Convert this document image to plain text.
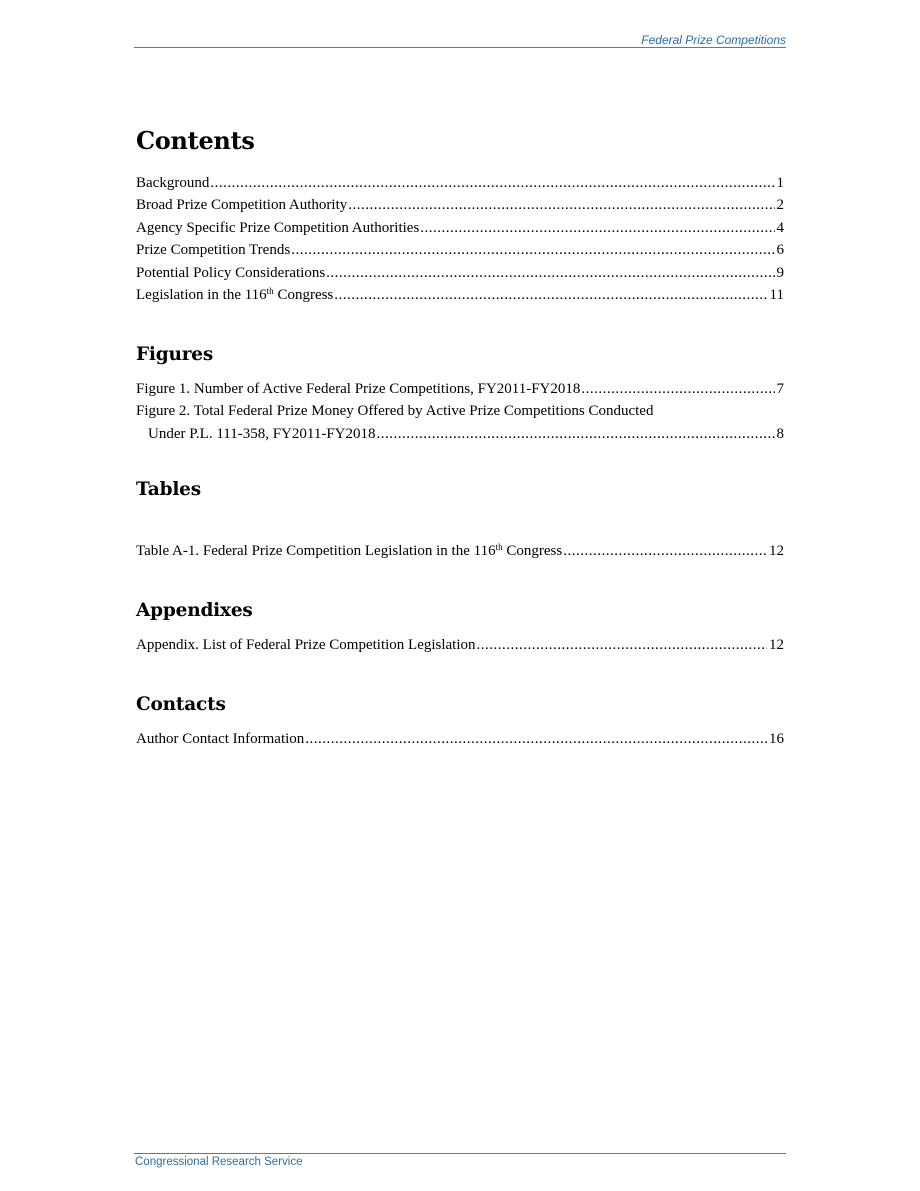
Federal Prize Competitions
Contents
Background .....	1
Broad Prize Competition Authority .....	2
Agency Specific Prize Competition Authorities .....	4
Prize Competition Trends .....	6
Potential Policy Considerations .....	9
Legislation in the 116th Congress .....	11
Figures
Figure 1. Number of Active Federal Prize Competitions, FY2011-FY2018 .....	7
Figure 2. Total Federal Prize Money Offered by Active Prize Competitions Conducted
Under P.L. 111-358, FY2011-FY2018 .....	8
Tables
Table A-1. Federal Prize Competition Legislation in the 116th Congress .....	12
Appendixes
Appendix. List of Federal Prize Competition Legislation .....	12
Contacts
Author Contact Information .....	16
Congressional Research Service
